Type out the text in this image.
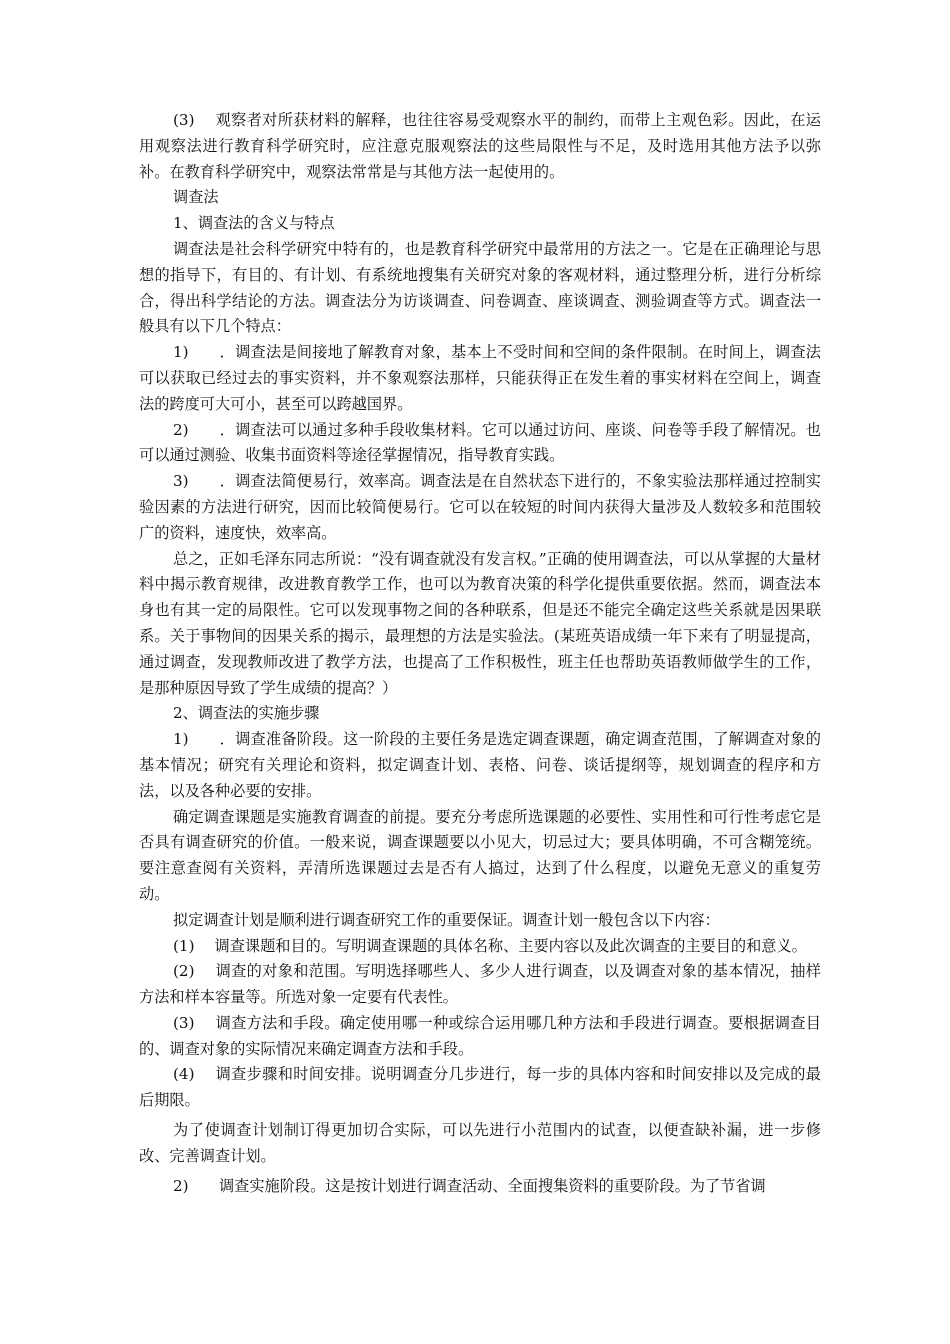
(3)　 观察者对所获材料的解释，也往往容易受观察水平的制约，而带上主观色彩。因此，在运用观察法进行教育科学研究时，应注意克服观察法的这些局限性与不足，及时选用其他方法予以弥补。在教育科学研究中，观察法常常是与其他方法一起使用的。

调查法

1、调查法的含义与特点

调查法是社会科学研究中特有的，也是教育科学研究中最常用的方法之一。它是在正确理论与思想的指导下，有目的、有计划、有系统地搜集有关研究对象的客观材料，通过整理分析，进行分析综合，得出科学结论的方法。调查法分为访谈调查、问卷调查、座谈调查、测验调查等方式。调查法一般具有以下几个特点：

1)　　．调查法是间接地了解教育对象，基本上不受时间和空间的条件限制。在时间上，调查法可以获取已经过去的事实资料，并不象观察法那样，只能获得正在发生着的事实材料在空间上，调查法的跨度可大可小，甚至可以跨越国界。

2)　　．调查法可以通过多种手段收集材料。它可以通过访问、座谈、问卷等手段了解情况。也可以通过测验、收集书面资料等途径掌握情况，指导教育实践。

3)　　．调查法简便易行，效率高。调查法是在自然状态下进行的，不象实验法那样通过控制实验因素的方法进行研究，因而比较简便易行。它可以在较短的时间内获得大量涉及人数较多和范围较广的资料，速度快，效率高。

总之，正如毛泽东同志所说：“没有调查就没有发言权。”正确的使用调查法，可以从掌握的大量材料中揭示教育规律，改进教育教学工作，也可以为教育决策的科学化提供重要依据。然而，调查法本身也有其一定的局限性。它可以发现事物之间的各种联系，但是还不能完全确定这些关系就是因果联系。关于事物间的因果关系的揭示，最理想的方法是实验法。(某班英语成绩一年下来有了明显提高，通过调查，发现教师改进了教学方法，也提高了工作积极性，班主任也帮助英语教师做学生的工作，是那种原因导致了学生成绩的提高？）

2、调查法的实施步骤

1)　　．调查准备阶段。这一阶段的主要任务是选定调查课题，确定调查范围，了解调查对象的基本情况；研究有关理论和资料，拟定调查计划、表格、问卷、谈话提纲等，规划调查的程序和方法，以及各种必要的安排。

确定调查课题是实施教育调查的前提。要充分考虑所选课题的必要性、实用性和可行性考虑它是否具有调查研究的价值。一般来说，调查课题要以小见大，切忌过大；要具体明确，不可含糊笼统。要注意查阅有关资料，弄清所选课题过去是否有人搞过，达到了什么程度，以避免无意义的重复劳动。

拟定调查计划是顺利进行调查研究工作的重要保证。调查计划一般包含以下内容：

(1)　 调查课题和目的。写明调查课题的具体名称、主要内容以及此次调查的主要目的和意义。

(2)　 调查的对象和范围。写明选择哪些人、多少人进行调查，以及调查对象的基本情况，抽样方法和样本容量等。所选对象一定要有代表性。

(3)　 调查方法和手段。确定使用哪一种或综合运用哪几种方法和手段进行调查。要根据调查目的、调查对象的实际情况来确定调查方法和手段。

(4)　 调查步骤和时间安排。说明调查分几步进行，每一步的具体内容和时间安排以及完成的最后期限。

为了使调查计划制订得更加切合实际，可以先进行小范围内的试查，以便查缺补漏，进一步修改、完善调查计划。

2)　　调查实施阶段。这是按计划进行调查活动、全面搜集资料的重要阶段。为了节省调
